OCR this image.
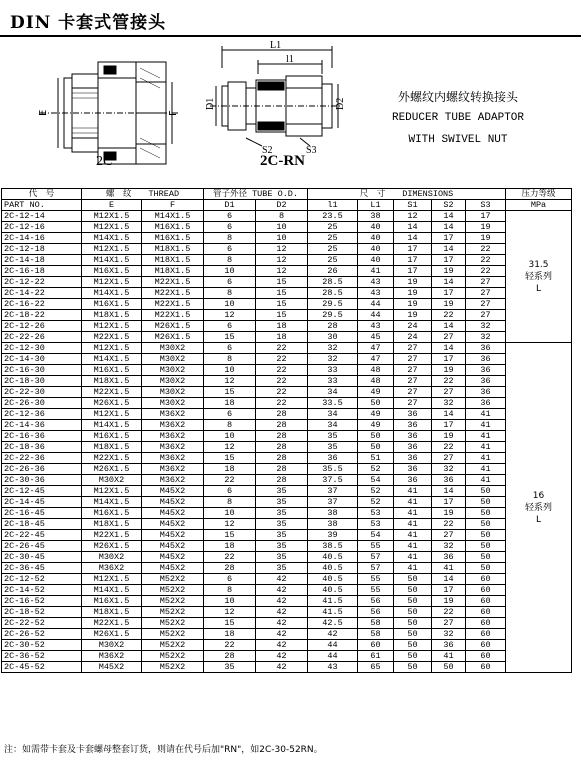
DIN 卡套式管接头
E	F
L1
l1
D1	D2
S2	S3
2C	2C-RN
外螺纹内螺纹转换接头
REDUCER TUBE ADAPTOR
WITH SWIVEL NUT
代　号	螺　纹　　THREAD		管子外径 TUBE O.D.		尺　寸　　DIMENSIONS					压力等级
PART NO.	E	F	D1	D2	l1	L1	S1	S2	S3	MPa
2C-12-14	M12X1.5	M14X1.5	6	8	23.5	38	12	14	17	31.5
轻系列
L

2C-12-16	M12X1.5	M16X1.5	6	10	25	40	14	14	19	
2C-14-16	M14X1.5	M16X1.5	8	10	25	40	14	17	19	
2C-12-18	M12X1.5	M18X1.5	6	12	25	40	17	14	22	
2C-14-18	M14X1.5	M18X1.5	8	12	25	40	17	17	22	
2C-16-18	M16X1.5	M18X1.5	10	12	26	41	17	19	22	
2C-12-22	M12X1.5	M22X1.5	6	15	28.5	43	19	14	27	
2C-14-22	M14X1.5	M22X1.5	8	15	28.5	43	19	17	27	
2C-16-22	M16X1.5	M22X1.5	10	15	29.5	44	19	19	27	
2C-18-22	M18X1.5	M22X1.5	12	15	29.5	44	19	22	27	
2C-12-26	M12X1.5	M26X1.5	6	18	28	43	24	14	32	
2C-22-26	M22X1.5	M26X1.5	15	18	30	45	24	27	32	
2C-12-30	M12X1.5	M30X2	6	22	32	47	27	14	36	16
轻系列
L

2C-14-30	M14X1.5	M30X2	8	22	32	47	27	17	36	
2C-16-30	M16X1.5	M30X2	10	22	33	48	27	19	36	
2C-18-30	M18X1.5	M30X2	12	22	33	48	27	22	36	
2C-22-30	M22X1.5	M30X2	15	22	34	49	27	27	36	
2C-26-30	M26X1.5	M30X2	18	22	33.5	50	27	32	36	
2C-12-36	M12X1.5	M36X2	6	28	34	49	36	14	41	
2C-14-36	M14X1.5	M36X2	8	28	34	49	36	17	41	
2C-16-36	M16X1.5	M36X2	10	28	35	50	36	19	41	
2C-18-36	M18X1.5	M36X2	12	28	35	50	36	22	41	
2C-22-36	M22X1.5	M36X2	15	28	36	51	36	27	41	
2C-26-36	M26X1.5	M36X2	18	28	35.5	52	36	32	41	
2C-30-36	M30X2	M36X2	22	28	37.5	54	36	36	41	
2C-12-45	M12X1.5	M45X2	6	35	37	52	41	14	50	
2C-14-45	M14X1.5	M45X2	8	35	37	52	41	17	50	
2C-16-45	M16X1.5	M45X2	10	35	38	53	41	19	50	
2C-18-45	M18X1.5	M45X2	12	35	38	53	41	22	50	
2C-22-45	M22X1.5	M45X2	15	35	39	54	41	27	50	
2C-26-45	M26X1.5	M45X2	18	35	38.5	55	41	32	50	
2C-30-45	M30X2	M45X2	22	35	40.5	57	41	36	50	
2C-36-45	M36X2	M45X2	28	35	40.5	57	41	41	50	
2C-12-52	M12X1.5	M52X2	6	42	40.5	55	50	14	60	
2C-14-52	M14X1.5	M52X2	8	42	40.5	55	50	17	60	
2C-16-52	M16X1.5	M52X2	10	42	41.5	56	50	19	60	
2C-18-52	M18X1.5	M52X2	12	42	41.5	56	50	22	60	
2C-22-52	M22X1.5	M52X2	15	42	42.5	58	50	27	60	
2C-26-52	M26X1.5	M52X2	18	42	42	58	50	32	60	
2C-30-52	M30X2	M52X2	22	42	44	60	50	36	60	
2C-36-52	M36X2	M52X2	28	42	44	61	50	41	60	
2C-45-52	M45X2	M52X2	35	42	43	65	50	50	60	
注：如需带卡套及卡套螺母整套订货，则请在代号后加"RN"，如2C-30-52RN。
